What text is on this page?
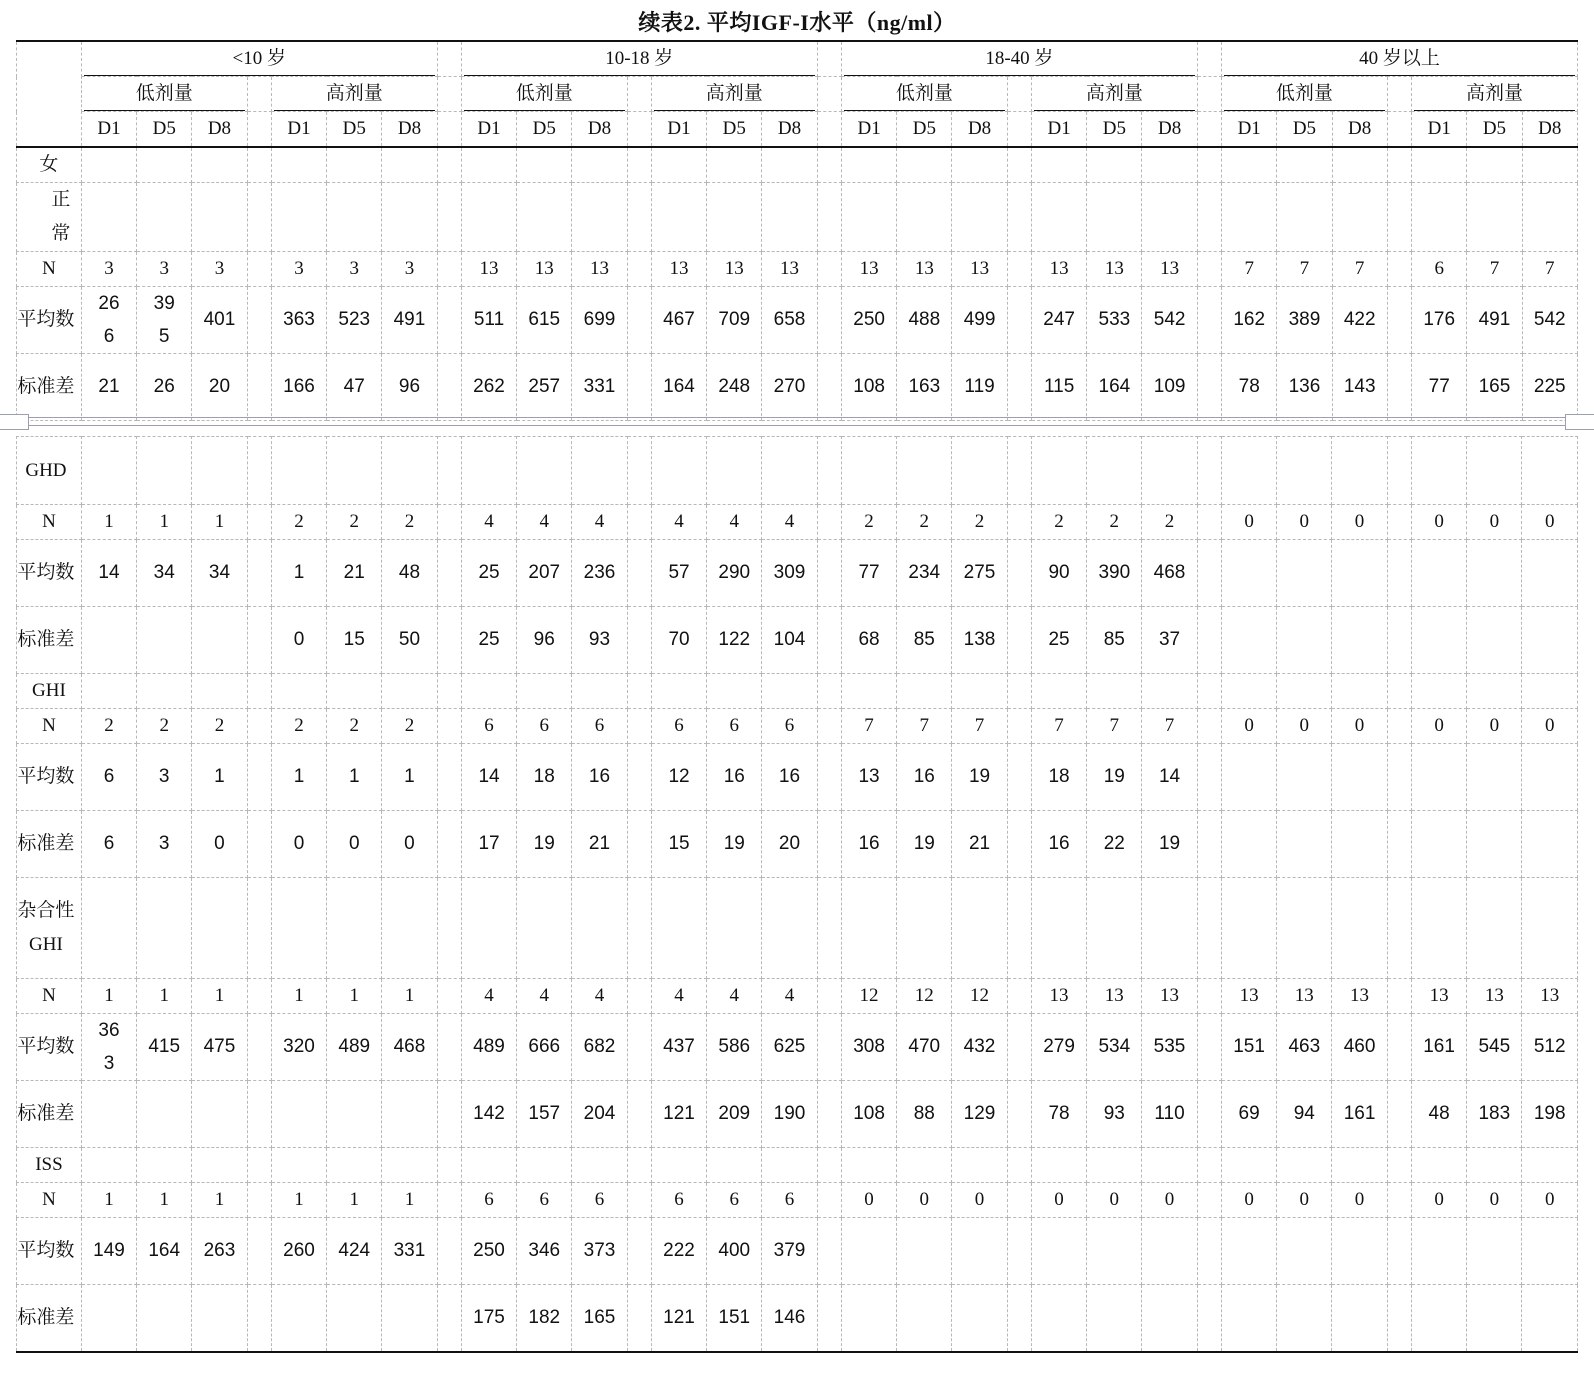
续表2. 平均IGF-I水平（ng/ml）
	<10 岁								10-18 岁								18-40 岁								40 岁以上						
	低剂量				高剂量				低剂量				高剂量				低剂量				高剂量				低剂量				高剂量		
	D1	D5	D8		D1	D5	D8		D1	D5	D8		D1	D5	D8		D1	D5	D8		D1	D5	D8		D1	D5	D8		D1	D5	D8
女																															
正常																															
N	3	3	3		3	3	3		13	13	13		13	13	13		13	13	13		13	13	13		7	7	7		6	7	7
平均数	266	395	401		363	523	491		511	615	699		467	709	658		250	488	499		247	533	542		162	389	422		176	491	542
标准差	21	26	20		166	47	96		262	257	331		164	248	270		108	163	119		115	164	109		78	136	143		77	165	225
GHD																															
N	1	1	1		2	2	2		4	4	4		4	4	4		2	2	2		2	2	2		0	0	0		0	0	0
平均数	14	34	34		1	21	48		25	207	236		57	290	309		77	234	275		90	390	468								
标准差					0	15	50		25	96	93		70	122	104		68	85	138		25	85	37								
GHI																															
N	2	2	2		2	2	2		6	6	6		6	6	6		7	7	7		7	7	7		0	0	0		0	0	0
平均数	6	3	1		1	1	1		14	18	16		12	16	16		13	16	19		18	19	14								
标准差	6	3	0		0	0	0		17	19	21		15	19	20		16	19	21		16	22	19								
杂合性GHI																															
N	1	1	1		1	1	1		4	4	4		4	4	4		12	12	12		13	13	13		13	13	13		13	13	13
平均数	363	415	475		320	489	468		489	666	682		437	586	625		308	470	432		279	534	535		151	463	460		161	545	512
标准差									142	157	204		121	209	190		108	88	129		78	93	110		69	94	161		48	183	198
ISS																															
N	1	1	1		1	1	1		6	6	6		6	6	6		0	0	0		0	0	0		0	0	0		0	0	0
平均数	149	164	263		260	424	331		250	346	373		222	400	379																
标准差									175	182	165		121	151	146																
